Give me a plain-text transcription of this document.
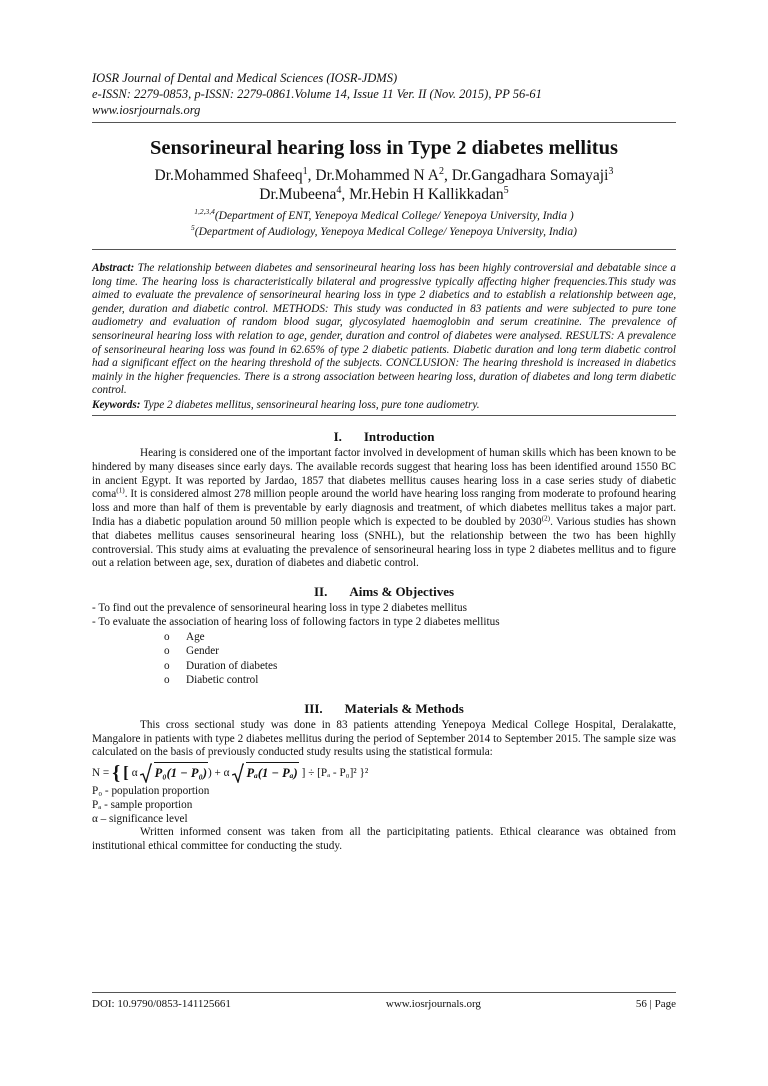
IOSR Journal of Dental and Medical Sciences (IOSR-JDMS)
e-ISSN: 2279-0853, p-ISSN: 2279-0861.Volume 14, Issue 11 Ver. II (Nov. 2015), PP 56-61
www.iosrjournals.org
Sensorineural hearing loss in Type 2 diabetes mellitus
Dr.Mohammed Shafeeq$^1$, Dr.Mohammed N $A^2$, Dr.Gangadhara Somayaji$^3$
Dr.Mubeena$^4$, Mr.Hebin H Kallikkadan$^5$
$^{1,2,3,4}$(Department of ENT, Yenepoya Medical College/ Yenepoya University, India )
$^5$(Department of Audiology, Yenepoya Medical College/ Yenepoya University, India)
Abstract: The relationship between diabetes and sensorineural hearing loss has been highly controversial and debatable since a long time. The hearing loss is characteristically bilateral and progressive typically affecting higher frequencies.This study was aimed to evaluate the prevalence of sensorineural hearing loss in type 2 diabetics and to establish a relationship between age, gender, duration and diabetic control. METHODS: This study was conducted in 83 patients and were subjected to pure tone audiometry and evaluation of random blood sugar, glycosylated haemoglobin and serum creatinine. The prevalence of sensorineural hearing loss with relation to age, gender, duration and control of diabetes were analysed. RESULTS: A prevalence of sensorineural hearing loss was found in 62.65% of type 2 diabetic patients. Diabetic duration and long term diabetic control had a significant effect on the hearing threshold of the subjects. CONCLUSION: The hearing threshold is increased in diabetics mainly in the higher frequencies. There is a strong association between hearing loss, duration of diabetes and long term diabetic control.
Keywords: Type 2 diabetes mellitus, sensorineural hearing loss, pure tone audiometry.
I. Introduction

Hearing is considered one of the important factor involved in development of human skills which has been known to be hindered by many diseases since early days. The available records suggest that hearing loss has been identified around 1550 BC in ancient Egypt. It was reported by Jardao, 1857 that diabetes mellitus causes hearing loss in a case series study of diabetic coma$^{(1)}$. It is considered almost 278 million people around the world have hearing loss ranging from moderate to profound hearing loss and more than half of them is preventable by early diagnosis and treatment, of which diabetes mellitus takes a major part. India has a diabetic population around 50 million people which is expected to be doubled by 2030$^{(2)}$. Various studies has shown that diabetes mellitus causes sensorineural hearing loss (SNHL), but the relationship between the two has been highlly controversial. This study aims at evaluating the prevalence of sensorineural hearing loss in type 2 diabetes mellitus and to figure out a relation between age, sex, duration of diabetes and diabetic control.

II. Aims & Objectives

- To find out the prevalence of sensorineural hearing loss in type 2 diabetes mellitus

- To evaluate the association of hearing loss of following factors in type 2 diabetes mellitus

o Age
o Gender
o Duration of diabetes
o Diabetic control
III. Materials & Methods

This cross sectional study was done in 83 patients attending Yenepoya Medical College Hospital, Deralakatte, Mangalore in patients with type 2 diabetes mellitus during the period of September 2014 to September 2015. The sample size was calculated on the basis of previously conducted study results using the statistical formula:

N = { [ α P₀(1 − P₀) ) + α Pₐ(1 − Pₐ) ] ÷ [Pₐ - P₀]² }²

P₀ - population proportion

Pₐ - sample proportion

α – significance level

Written informed consent was taken from all the participitating patients. Ethical clearance was obtained from institutional ethical committee for conducting the study.

DOI: 10.9790/0853-141125661	www.iosrjournals.org	56 | Page
